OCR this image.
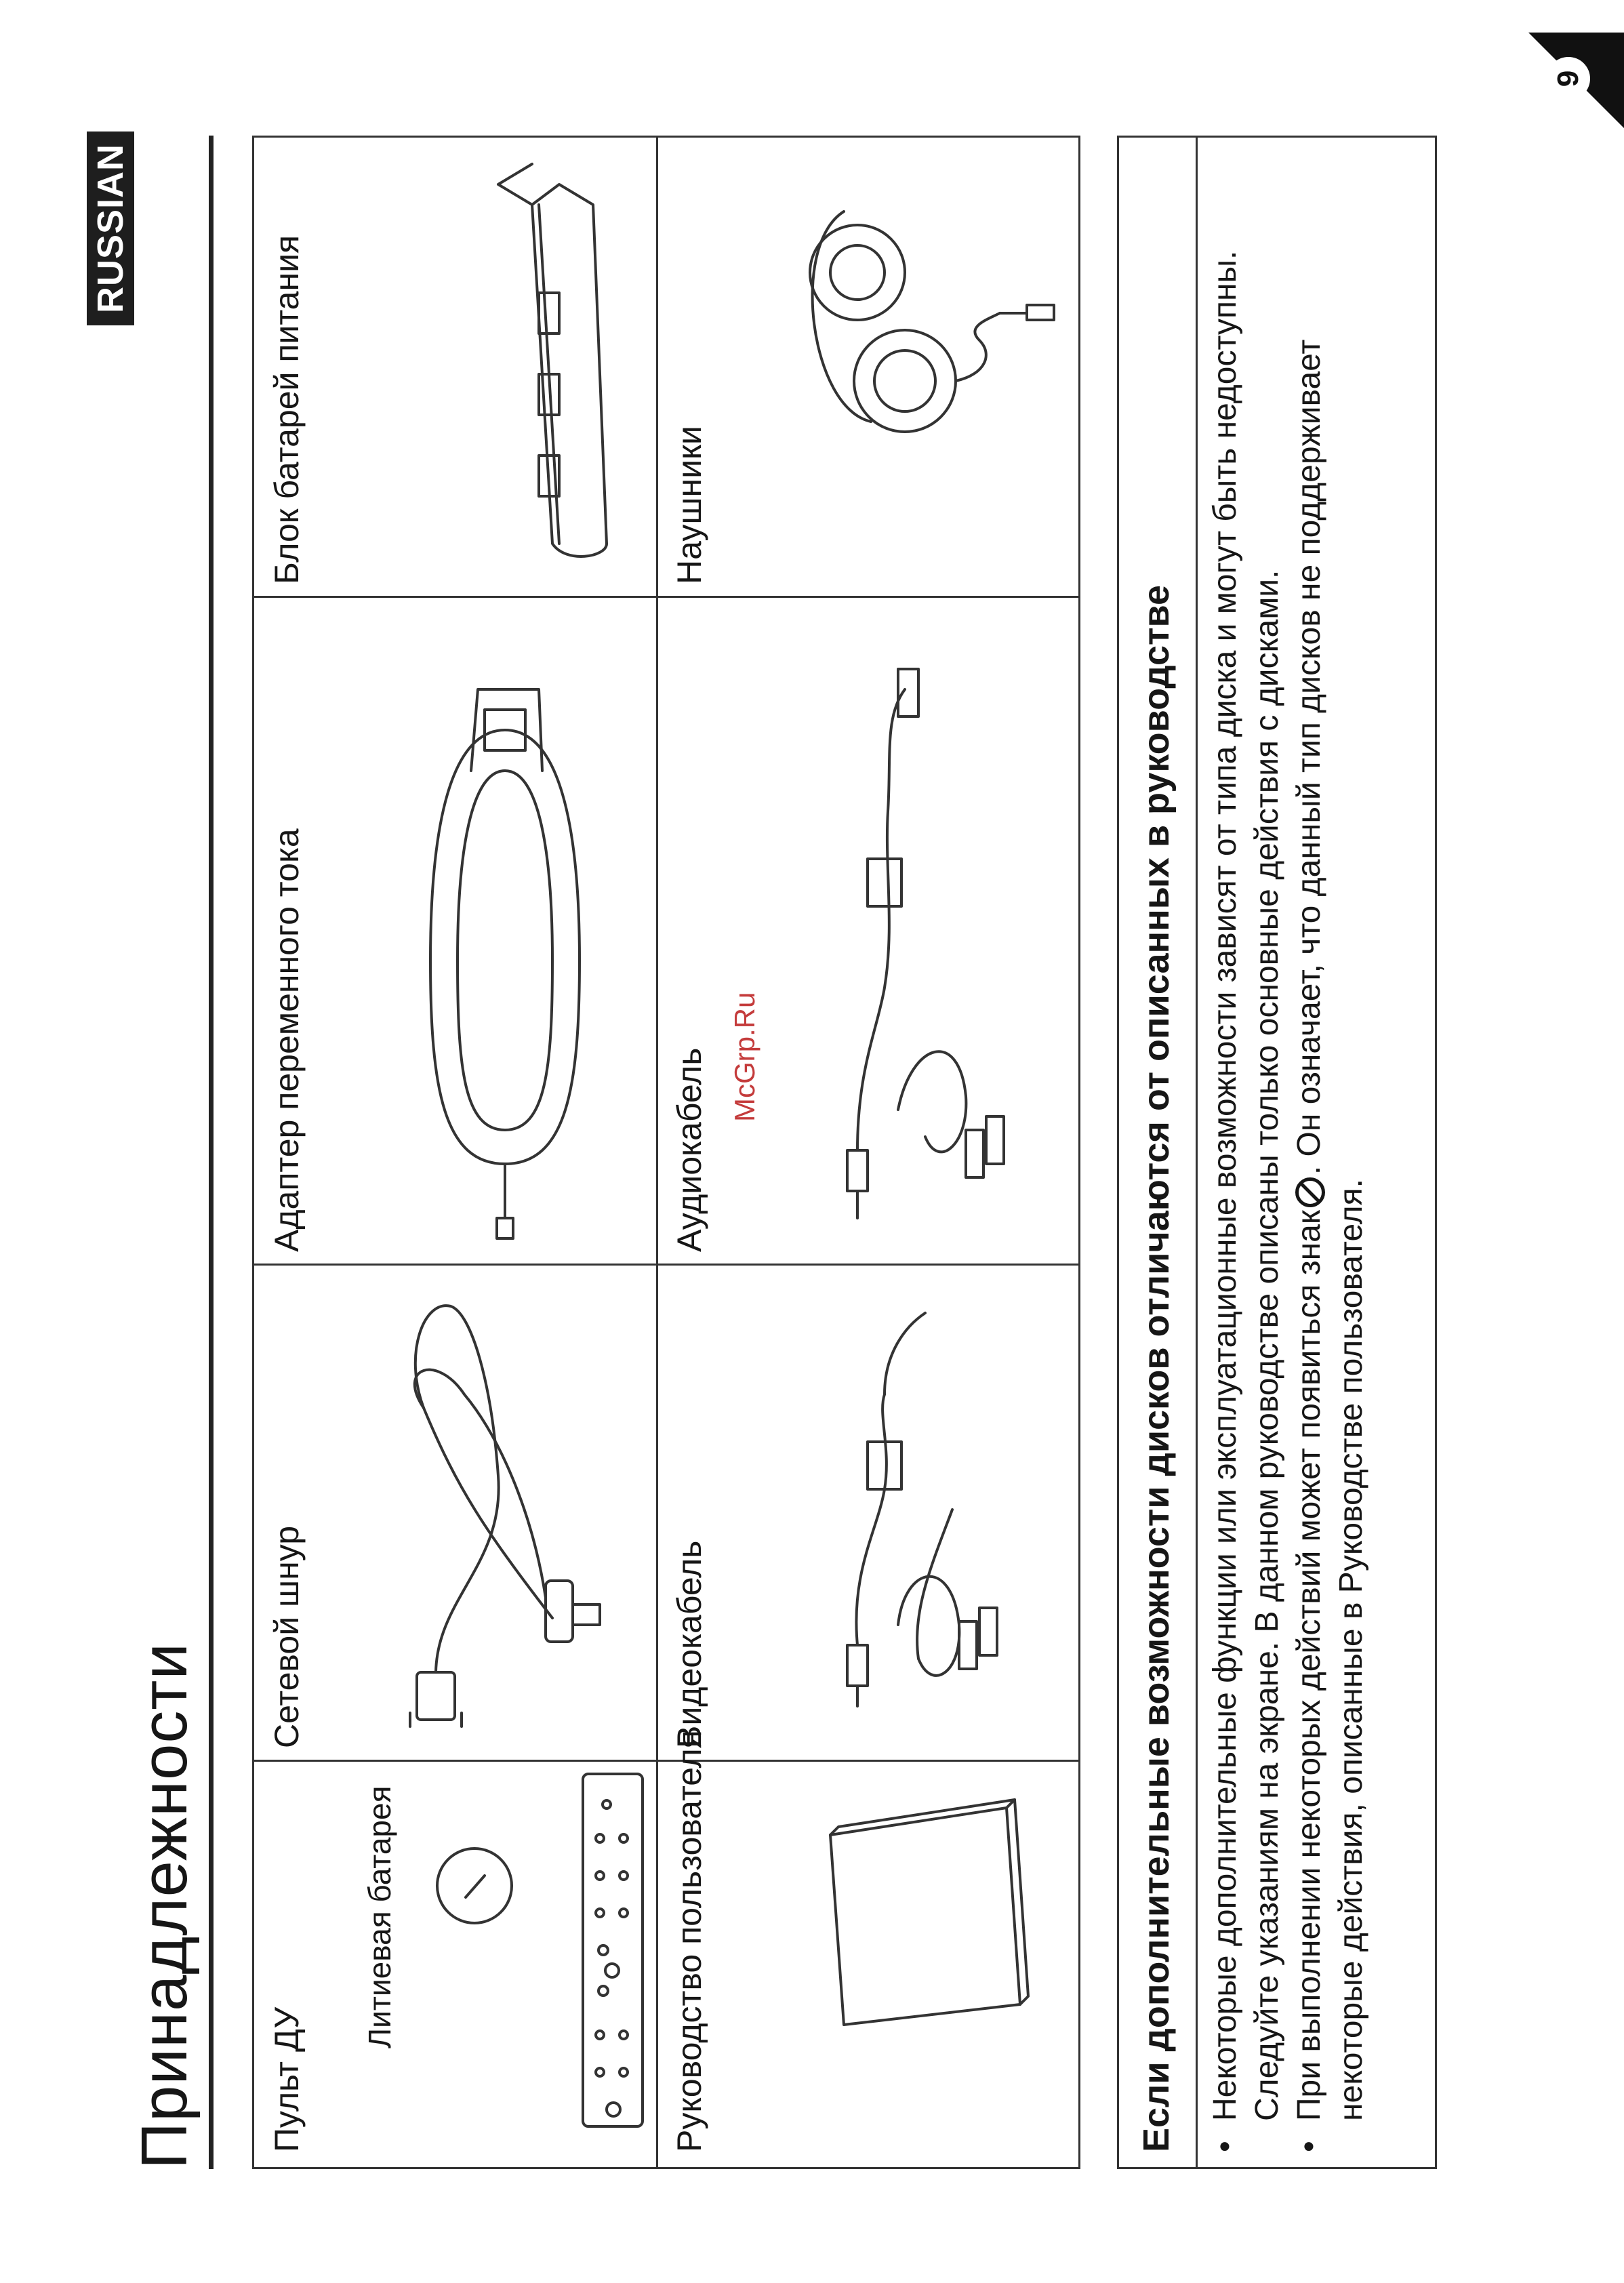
Принадлежности
RUSSIAN
9
Пульт ДУ
Литиевая батарея
Сетевой шнур
Адаптер переменного тока
Блок батарей питания
Руководство пользователя
Видеокабель
Аудиокабель McGrp.Ru
Наушники
Если дополнительные возможности дисков отличаются от описанных в руководстве •Некоторые дополнительные функции или эксплуатационные возможности зависят от типа диска и могут быть недоступны. Следуйте указаниям на экране. В данном руководстве описаны только основные действия с дисками.
•При выполнении некоторых действий может появиться знак. Он означает, что данный тип дисков не поддерживает
некоторые действия, описанные в Руководстве пользователя.
